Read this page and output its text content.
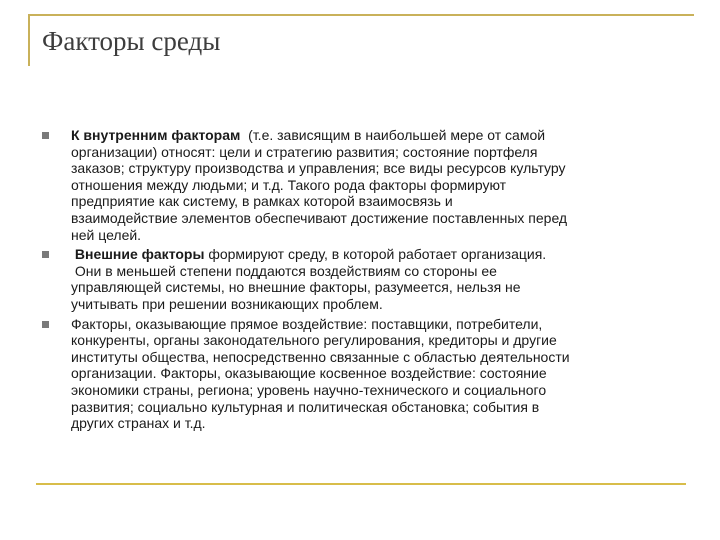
Факторы среды
К внутренним факторам  (т.е. зависящим в наибольшей мере от самой
организации) относят: цели и стратегию развития; состояние портфеля
заказов; структуру производства и управления; все виды ресурсов культуру
отношения между людьми; и т.д. Такого рода факторы формируют
предприятие как систему, в рамках которой взаимосвязь и
взаимодействие элементов обеспечивают достижение поставленных перед
ней целей.
Внешние факторы формируют среду, в которой работает организация.
Они в меньшей степени поддаются воздействиям со стороны ее
управляющей системы, но внешние факторы, разумеется, нельзя не
учитывать при решении возникающих проблем.
Факторы, оказывающие прямое воздействие: поставщики, потребители,
конкуренты, органы законодательного регулирования, кредиторы и другие
институты общества, непосредственно связанные с областью деятельности
организации. Факторы, оказывающие косвенное воздействие: состояние
экономики страны, региона; уровень научно-технического и социального
развития; социально культурная и политическая обстановка; события в
других странах и т.д.
